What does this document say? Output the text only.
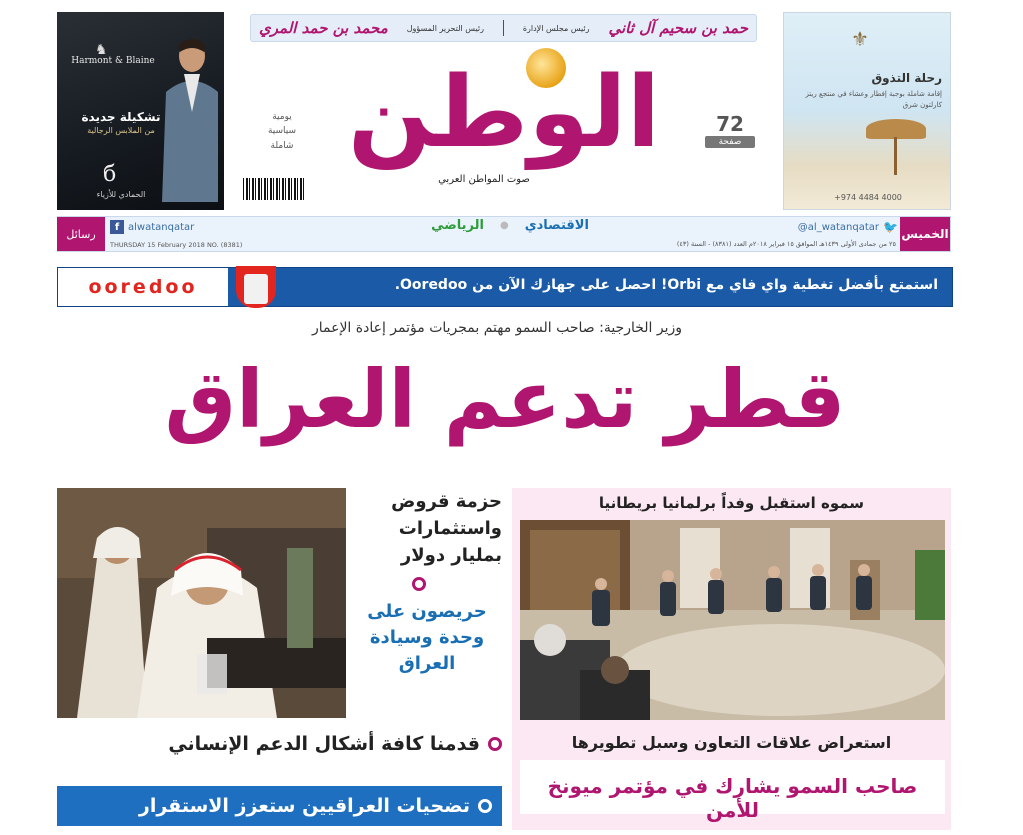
♞
Harmont & Blaine
تشكيلة جديدة
من الملابس الرجالية
б
الحمادي للأزياء
حمد بن سحيم آل ثاني
رئيس مجلس الإدارة
رئيس التحرير المسؤول
محمد بن حمد المري
الوطن
صوت المواطن العربي
72
صفحة
يومية
سياسية
شاملة
⚜
رحلة التذوق
إقامة شاملة بوجبة إفطار وعشاء في منتجع ريتز كارلتون شرق
+974 4484 4000
الخميس
رسائل
@al_watanqatar 🐦
f alwatanqatar	الاقتصادي
●
الرياضي
٢٥ من جمادى الأولى ١٤٣٩هـ الموافق ١٥ فبراير ٢٠١٨م العدد (٨٣٨١) - السنة (٤٣)
THURSDAY 15 February 2018 NO. (8381)
ooredoo	استمتع بأفضل تغطية واي فاي مع Orbi! احصل على جهازك الآن من Ooredoo.
وزير الخارجية: صاحب السمو مهتم بمجريات مؤتمر إعادة الإعمار
قطر تدعم العراق
سموه استقبل وفداً برلمانيا بريطانيا
استعراض علاقات التعاون وسبل تطويرها
صاحب السمو يشارك في مؤتمر ميونخ للأمن
حزمة قروض واستثمارات بمليار دولار
حريصون على وحدة وسيادة العراق
قدمنا كافة أشكال الدعم الإنساني
تضحيات العراقيين ستعزز الاستقرار
